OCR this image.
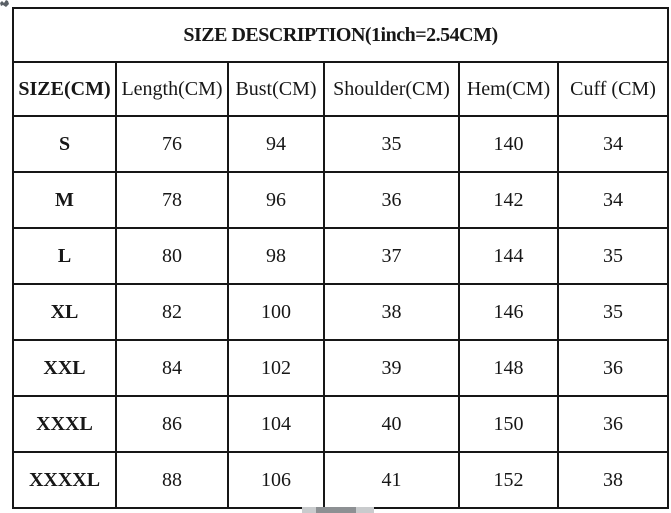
SIZE DESCRIPTION(1inch=2.54CM)					
SIZE(CM)	Length(CM)	Bust(CM)	Shoulder(CM)	Hem(CM)	Cuff (CM)
S	76	94	35	140	34
M	78	96	36	142	34
L	80	98	37	144	35
XL	82	100	38	146	35
XXL	84	102	39	148	36
XXXL	86	104	40	150	36
XXXXL	88	106	41	152	38
